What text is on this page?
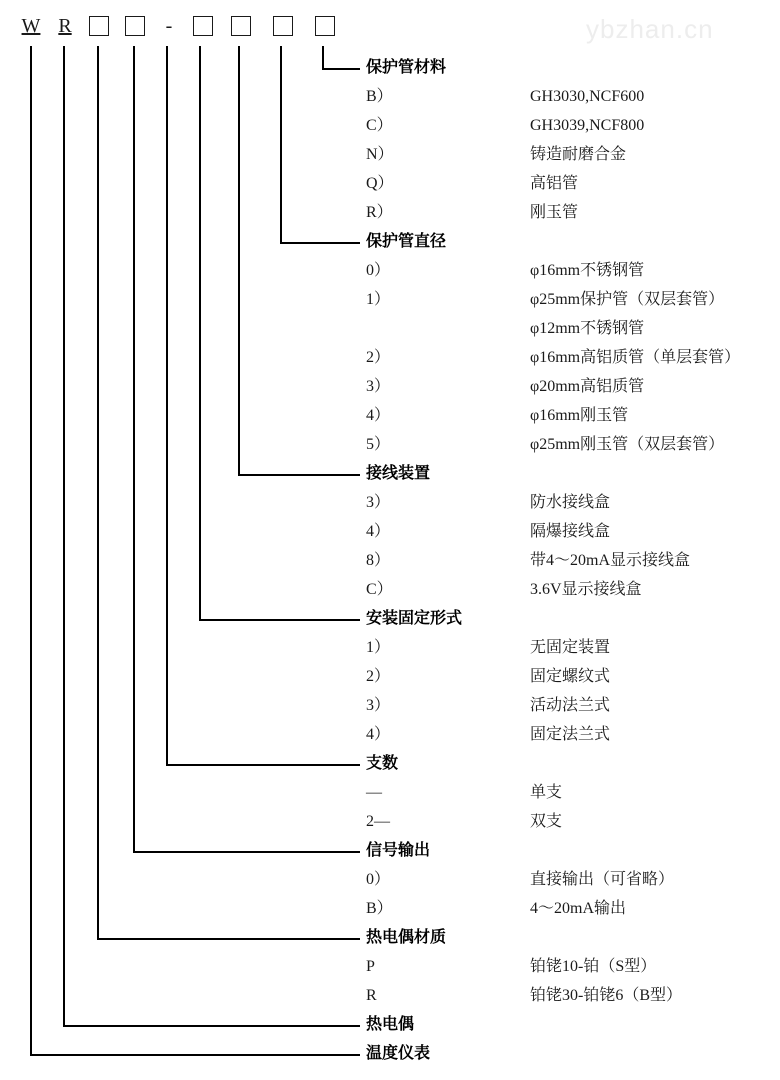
ybzhan.cn
W R	-
保护管材料
B）	GH3030,NCF600
C）	GH3039,NCF800
N）	铸造耐磨合金
Q）	高铝管
R）	刚玉管
保护管直径
0）	φ16mm不锈钢管
1）	φ25mm保护管（双层套管）
φ12mm不锈钢管
2）	φ16mm高铝质管（单层套管）
3）	φ20mm高铝质管
4）	φ16mm刚玉管
5）	φ25mm刚玉管（双层套管）
接线装置
3）	防水接线盒
4）	隔爆接线盒
8）	带4～20mA显示接线盒
C）	3.6V显示接线盒
安装固定形式
1）	无固定装置
2）	固定螺纹式
3）	活动法兰式
4）	固定法兰式
支数
—	单支
2—	双支
信号输出
0）	直接输出（可省略）
B）	4～20mA输出
热电偶材质
P	铂铑10-铂（S型）
R	铂铑30-铂铑6（B型）
热电偶
温度仪表
